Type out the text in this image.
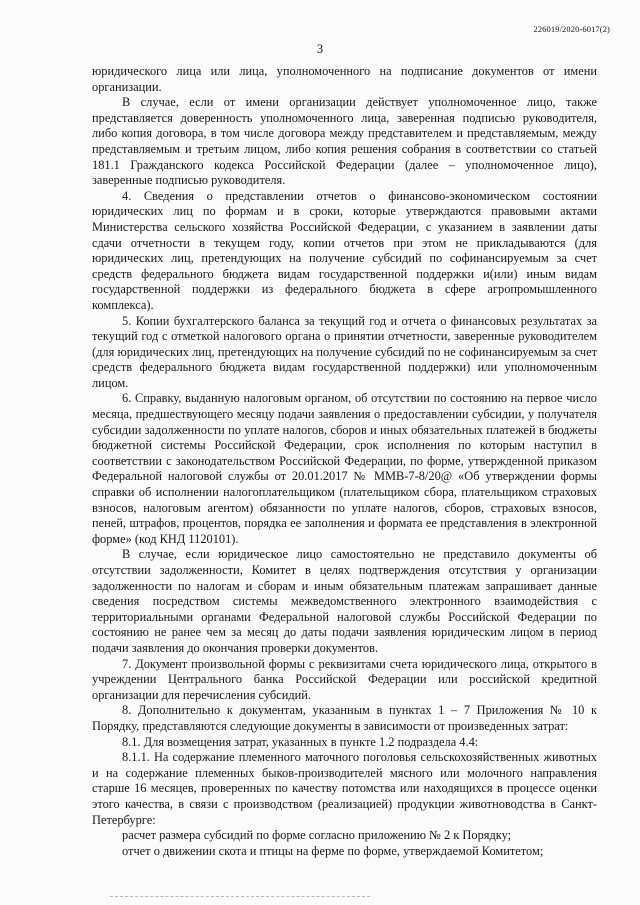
226019/2020-6017(2)
3

юридического лица или лица, уполномоченного на подписание документов от имени организации.

В случае, если от имени организации действует уполномоченное лицо, также представляется доверенность уполномоченного лица, заверенная подписью руководителя, либо копия договора, в том числе договора между представителем и представляемым, между представляемым и третьим лицом, либо копия решения собрания в соответствии со статьей 181.1 Гражданского кодекса Российской Федерации (далее – уполномоченное лицо), заверенные подписью руководителя.

4. Сведения о представлении отчетов о финансово-экономическом состоянии юридических лиц по формам и в сроки, которые утверждаются правовыми актами Министерства сельского хозяйства Российской Федерации, с указанием в заявлении даты сдачи отчетности в текущем году, копии отчетов при этом не прикладываются (для юридических лиц, претендующих на получение субсидий по софинансируемым за счет средств федерального бюджета видам государственной поддержки и(или) иным видам государственной поддержки из федерального бюджета в сфере агропромышленного комплекса).

5. Копии бухгалтерского баланса за текущий год и отчета о финансовых результатах за текущий год с отметкой налогового органа о принятии отчетности, заверенные руководителем (для юридических лиц, претендующих на получение субсидий по не софинансируемым за счет средств федерального бюджета видам государственной поддержки) или уполномоченным лицом.

6. Справку, выданную налоговым органом, об отсутствии по состоянию на первое число месяца, предшествующего месяцу подачи заявления о предоставлении субсидии, у получателя субсидии задолженности по уплате налогов, сборов и иных обязательных платежей в бюджеты бюджетной системы Российской Федерации, срок исполнения по которым наступил в соответствии с законодательством Российской Федерации, по форме, утвержденной приказом Федеральной налоговой службы от 20.01.2017 № ММВ-7-8/20@ «Об утверждении формы справки об исполнении налогоплательщиком (плательщиком сбора, плательщиком страховых взносов, налоговым агентом) обязанности по уплате налогов, сборов, страховых взносов, пеней, штрафов, процентов, порядка ее заполнения и формата ее представления в электронной форме» (код КНД 1120101).

В случае, если юридическое лицо самостоятельно не представило документы об отсутствии задолженности, Комитет в целях подтверждения отсутствия у организации задолженности по налогам и сборам и иным обязательным платежам запрашивает данные сведения посредством системы межведомственного электронного взаимодействия с территориальными органами Федеральной налоговой службы Российской Федерации по состоянию не ранее чем за месяц до даты подачи заявления юридическим лицом в период подачи заявления до окончания проверки документов.

7. Документ произвольной формы с реквизитами счета юридического лица, открытого в учреждении Центрального банка Российской Федерации или российской кредитной организации для перечисления субсидий.

8. Дополнительно к документам, указанным в пунктах 1 – 7 Приложения № 10 к Порядку, представляются следующие документы в зависимости от произведенных затрат:

8.1. Для возмещения затрат, указанных в пункте 1.2 подраздела 4.4:

8.1.1. На содержание племенного маточного поголовья сельскохозяйственных животных и на содержание племенных быков-производителей мясного или молочного направления старше 16 месяцев, проверенных по качеству потомства или находящихся в процессе оценки этого качества, в связи с производством (реализацией) продукции животноводства в Санкт-Петербурге:

расчет размера субсидий по форме согласно приложению № 2 к Порядку;

отчет о движении скота и птицы на ферме по форме, утверждаемой Комитетом;
